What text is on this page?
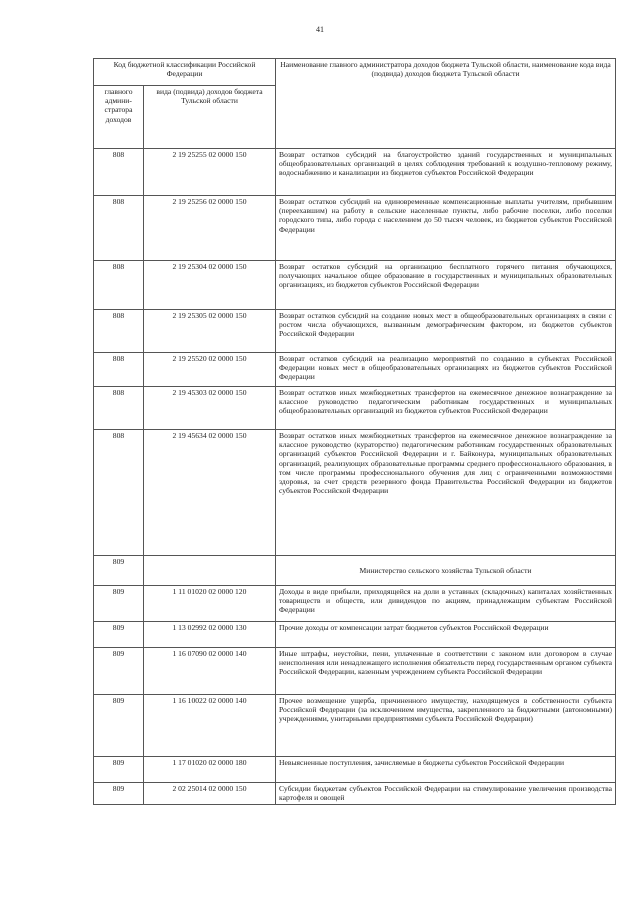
41
Код бюджетной классификации Российской Федерации		Наименование главного администратора доходов бюджета Тульской области, наименование кода вида (подвида) доходов бюджета Тульской области
главного админи- стратора доходов	вида (подвида) доходов бюджета Тульской области	
808	2 19 25255 02 0000 150	Возврат остатков субсидий на благоустройство зданий государственных и муниципальных общеобразовательных организаций в целях соблюдения требований к воздушно-тепловому режиму, водоснабжению и канализации из бюджетов субъектов Российской Федерации
808	2 19 25256 02 0000 150	Возврат остатков субсидий на единовременные компенсационные выплаты учителям, прибывшим (переехавшим) на работу в сельские населенные пункты, либо рабочие поселки, либо поселки городского типа, либо города с населением до 50 тысяч человек, из бюджетов субъектов Российской Федерации
808	2 19 25304 02 0000 150	Возврат остатков субсидий на организацию бесплатного горячего питания обучающихся, получающих начальное общее образование в государственных и муниципальных образовательных организациях, из бюджетов субъектов Российской Федерации
808	2 19 25305 02 0000 150	Возврат остатков субсидий на создание новых мест в общеобразовательных организациях в связи с ростом числа обучающихся, вызванным демографическим фактором, из бюджетов субъектов Российской Федерации
808	2 19 25520 02 0000 150	Возврат остатков субсидий на реализацию мероприятий по созданию в субъектах Российской Федерации новых мест в общеобразовательных организациях из бюджетов субъектов Российской Федерации
808	2 19 45303 02 0000 150	Возврат остатков иных межбюджетных трансфертов на ежемесячное денежное вознаграждение за классное руководство педагогическим работникам государственных и муниципальных общеобразовательных организаций из бюджетов субъектов Российской Федерации
808	2 19 45634 02 0000 150	Возврат остатков иных межбюджетных трансфертов на ежемесячное денежное вознаграждение за классное руководство (кураторство) педагогическим работникам государственных образовательных организаций субъектов Российской Федерации и г. Байконура, муниципальных образовательных организаций, реализующих образовательные программы среднего профессионального образования, в том числе программы профессионального обучения для лиц с ограниченными возможностями здоровья, за счет средств резервного фонда Правительства Российской Федерации из бюджетов субъектов Российской Федерации
809		Министерство сельского хозяйства Тульской области
809	1 11 01020 02 0000 120	Доходы в виде прибыли, приходящейся на доли в уставных (складочных) капиталах хозяйственных товариществ и обществ, или дивидендов по акциям, принадлежащим субъектам Российской Федерации
809	1 13 02992 02 0000 130	Прочие доходы от компенсации затрат бюджетов субъектов Российской Федерации
809	1 16 07090 02 0000 140	Иные штрафы, неустойки, пени, уплаченные в соответствии с законом или договором в случае неисполнения или ненадлежащего исполнения обязательств перед государственным органом субъекта Российской Федерации, казенным учреждением субъекта Российской Федерации
809	1 16 10022 02 0000 140	Прочее возмещение ущерба, причиненного имуществу, находящемуся в собственности субъекта Российской Федерации (за исключением имущества, закрепленного за бюджетными (автономными) учреждениями, унитарными предприятиями субъекта Российской Федерации)
809	1 17 01020 02 0000 180	Невыясненные поступления, зачисляемые в бюджеты субъектов Российской Федерации
809	2 02 25014 02 0000 150	Субсидии бюджетам субъектов Российской Федерации на стимулирование увеличения производства картофеля и овощей
